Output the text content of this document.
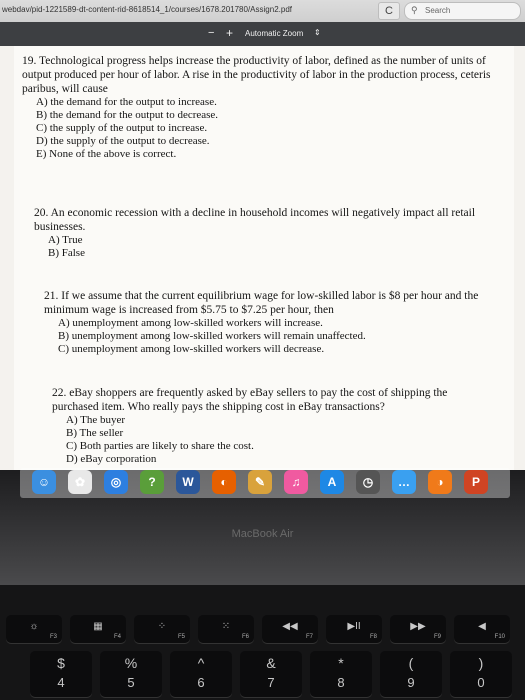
webdav/pid-1221589-dt-content-rid-8618514_1/courses/1678.201780/Assign2.pdf	C	⚲ Search
− + Automatic Zoom ⇕
19. Technological progress helps increase the productivity of labor, defined as the number of units of output produced per hour of labor. A rise in the productivity of labor in the production process, ceteris paribus, will cause
A) the demand for the output to increase.
B) the demand for the output to decrease.
C) the supply of the output to increase.
D) the supply of the output to decrease.
E) None of the above is correct.
20. An economic recession with a decline in household incomes will negatively impact all retail businesses.
A) True
B) False
21. If we assume that the current equilibrium wage for low-skilled labor is $8 per hour and the minimum wage is increased from $5.75 to $7.25 per hour, then
A) unemployment among low-skilled workers will increase.
B) unemployment among low-skilled workers will remain unaffected.
C) unemployment among low-skilled workers will decrease.
22. eBay shoppers are frequently asked by eBay sellers to pay the cost of shipping the purchased item. Who really pays the shipping cost in eBay transactions?
A) The buyer
B) The seller
C) Both parties are likely to share the cost.
D) eBay corporation
MacBook Air
☺	✿	◎	?	W	◐	✎	♫	A	◷	…	◑	P
☼
F3
▦
F4
⁘
F5
⁙
F6
◀◀
F7
▶II
F8
▶▶
F9
◀
F10
$
4
%
5
^
6
&
7
*
8
(
9
)
0
